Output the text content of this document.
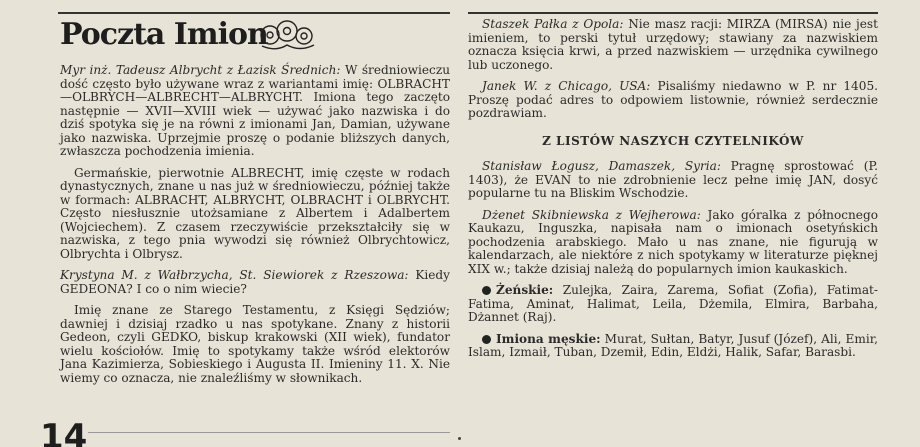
Poczta Imion

Myr inż. Tadeusz Albrycht z Łazisk Średnich: W średniowieczu dość często było używane wraz z wariantami imię: OLBRACHT—OLBRYCH—ALBRECHT—ALBRYCHT. Imiona tego zaczęto następnie — XVII—XVIII wiek — używać jako nazwiska i do dziś spotyka się je na równi z imionami Jan, Damian, używane jako nazwiska. Uprzejmie proszę o podanie bliższych danych, zwłaszcza pochodzenia imienia.

Germańskie, pierwotnie ALBRECHT, imię częste w rodach dynastycznych, znane u nas już w średniowieczu, później także w formach: ALBRACHT, ALBRYCHT, OLBRACHT i OLBRYCHT. Często niesłusznie utożsamiane z Albertem i Adalbertem (Wojciechem). Z czasem rzeczywiście przekształciły się w nazwiska, z tego pnia wywodzi się również Olbrychtowicz, Olbrychta i Olbrysz.

Krystyna M. z Wałbrzycha, St. Siewiorek z Rzeszowa: Kiedy GEDEONA? I co o nim wiecie?

Imię znane ze Starego Testamentu, z Księgi Sędziów; dawniej i dzisiaj rzadko u nas spotykane. Znany z historii Gedeon, czyli GEDKO, biskup krakowski (XII wiek), fundator wielu kościołów. Imię to spotykamy także wśród elektorów Jana Kazimierza, Sobieskiego i Augusta II. Imieniny 11. X. Nie wiemy co oznacza, nie znaleźliśmy w słownikach.

Staszek Pałka z Opola: Nie masz racji: MIRZA (MIRSA) nie jest imieniem, to perski tytuł urzędowy; stawiany za nazwiskiem oznacza księcia krwi, a przed nazwiskiem — urzędnika cywilnego lub uczonego.

Janek W. z Chicago, USA: Pisaliśmy niedawno w P. nr 1405. Proszę podać adres to odpowiem listownie, również serdecznie pozdrawiam.

Z LISTÓW NASZYCH CZYTELNIKÓW

Stanisław Łogusz, Damaszek, Syria: Pragnę sprostować (P. 1403), że EVAN to nie zdrobnienie lecz pełne imię JAN, dosyć popularne tu na Bliskim Wschodzie.

Dżenet Skibniewska z Wejherowa: Jako góralka z północnego Kaukazu, Inguszka, napisała nam o imionach osetyńskich pochodzenia arabskiego. Mało u nas znane, nie figurują w kalendarzach, ale niektóre z nich spotykamy w literaturze pięknej XIX w.; także dzisiaj należą do popularnych imion kaukaskich.

Żeńskie: Zulejka, Zaira, Zarema, Sofiat (Zofia), Fatimat-Fatima, Aminat, Halimat, Leila, Dżemila, Elmira, Barbaha, Dżannet (Raj).

Imiona męskie: Murat, Sułtan, Batyr, Jusuf (Józef), Ali, Emir, Islam, Izmaił, Tuban, Dzemił, Edin, Eldżi, Halik, Safar, Barasbi.

14
